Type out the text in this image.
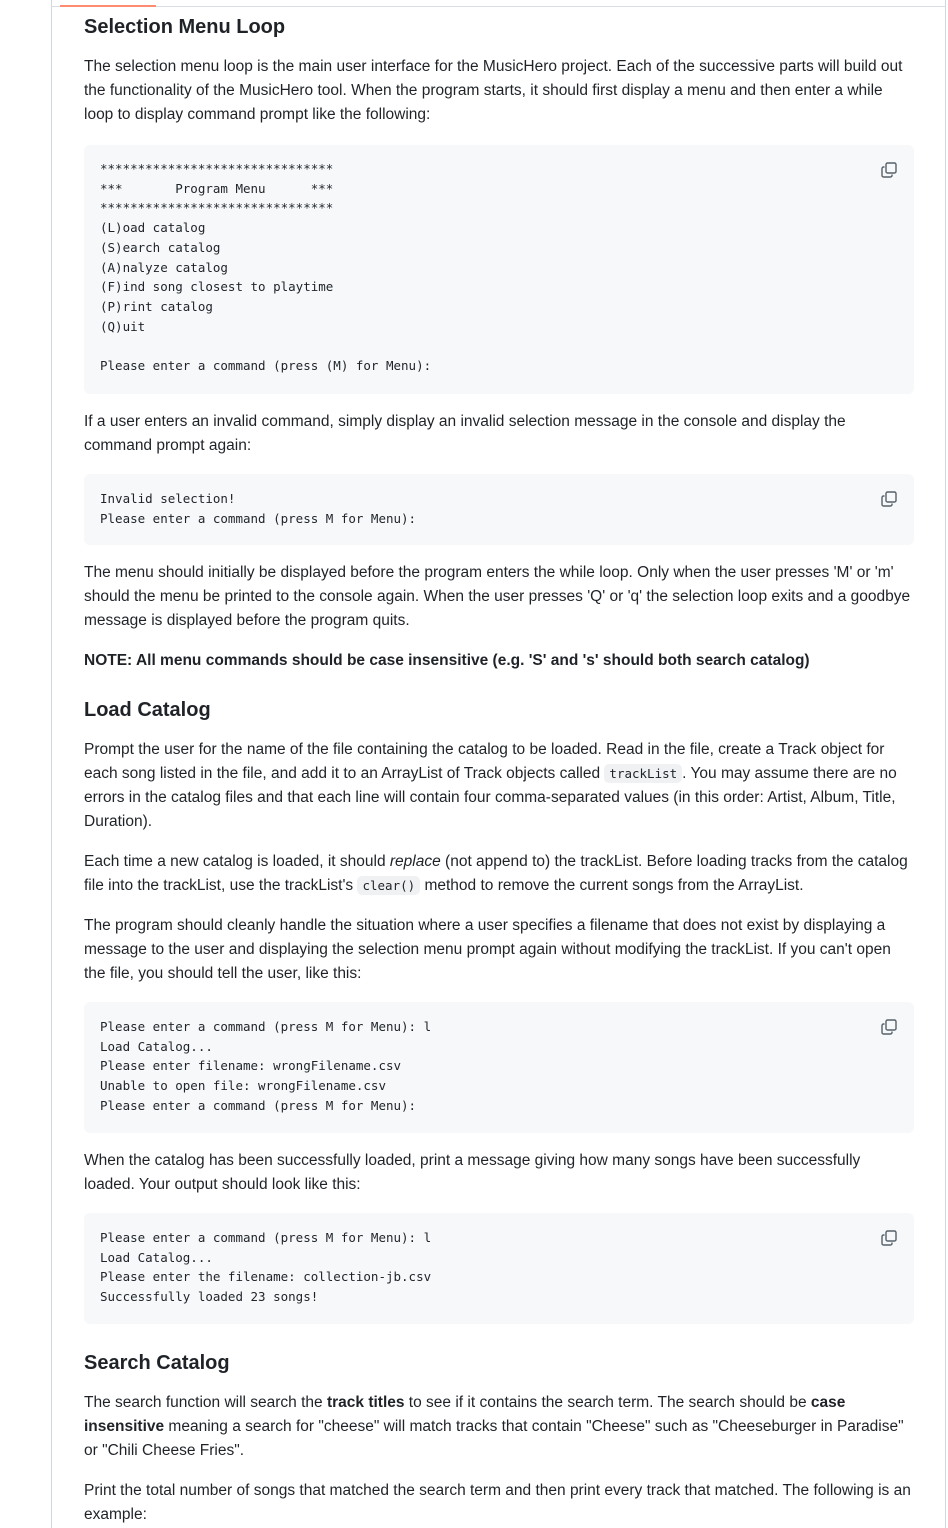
Selection Menu Loop

The selection menu loop is the main user interface for the MusicHero project. Each of the successive parts will build out the functionality of the MusicHero tool. When the program starts, it should first display a menu and then enter a while loop to display command prompt like the following:

*******************************
***       Program Menu      ***
*******************************
(L)oad catalog
(S)earch catalog
(A)nalyze catalog
(F)ind song closest to playtime
(P)rint catalog
(Q)uit

Please enter a command (press (M) for Menu):

If a user enters an invalid command, simply display an invalid selection message in the console and display the command prompt again:

Invalid selection!
Please enter a command (press M for Menu):

The menu should initially be displayed before the program enters the while loop. Only when the user presses 'M' or 'm' should the menu be printed to the console again. When the user presses 'Q' or 'q' the selection loop exits and a goodbye message is displayed before the program quits.

NOTE: All menu commands should be case insensitive (e.g. 'S' and 's' should both search catalog)

Load Catalog

Prompt the user for the name of the file containing the catalog to be loaded. Read in the file, create a Track object for each song listed in the file, and add it to an ArrayList of Track objects called trackList . You may assume there are no errors in the catalog files and that each line will contain four comma-separated values (in this order: Artist, Album, Title, Duration).

Each time a new catalog is loaded, it should replace (not append to) the trackList. Before loading tracks from the catalog file into the trackList, use the trackList's clear() method to remove the current songs from the ArrayList.

The program should cleanly handle the situation where a user specifies a filename that does not exist by displaying a message to the user and displaying the selection menu prompt again without modifying the trackList. If you can't open the file, you should tell the user, like this:

Please enter a command (press M for Menu): l
Load Catalog...
Please enter filename: wrongFilename.csv
Unable to open file: wrongFilename.csv
Please enter a command (press M for Menu):

When the catalog has been successfully loaded, print a message giving how many songs have been successfully loaded. Your output should look like this:

Please enter a command (press M for Menu): l
Load Catalog...
Please enter the filename: collection-jb.csv
Successfully loaded 23 songs!
Search Catalog

The search function will search the track titles to see if it contains the search term. The search should be case insensitive meaning a search for "cheese" will match tracks that contain "Cheese" such as "Cheeseburger in Paradise" or "Chili Cheese Fries".

Print the total number of songs that matched the search term and then print every track that matched. The following is an example:
